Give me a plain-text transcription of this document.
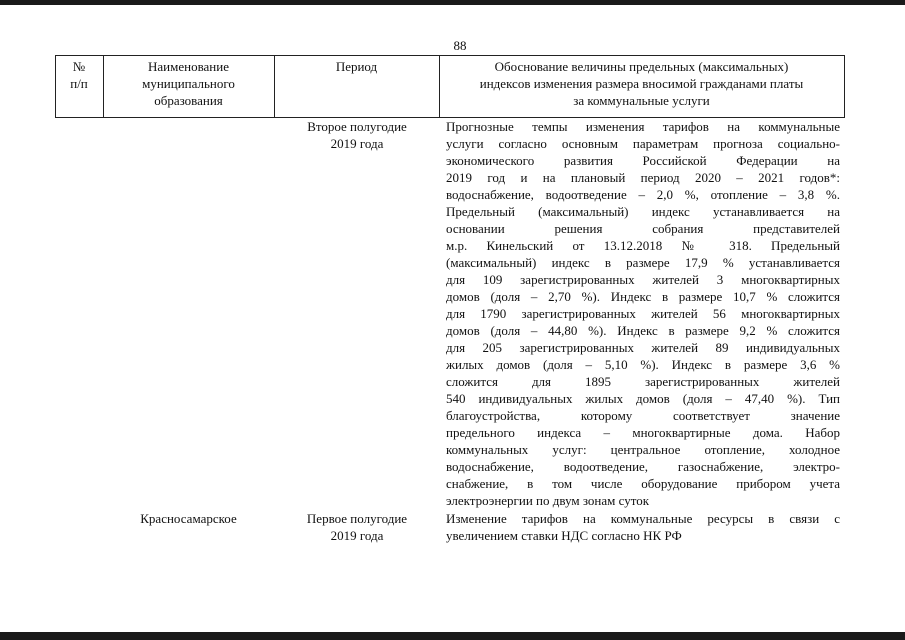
88
№
п/п
Наименование
муниципального
образования
Период	Обоснование величины предельных (максимальных)
индексов изменения размера вносимой гражданами платы
за коммунальные услуги
Второе полугодие
2019 года
Прогнозные темпы изменения тарифов на коммунальные
услуги согласно основным параметрам прогноза социально-
экономического развития Российской Федерации на
2019 год и на плановый период 2020 – 2021 годов*:
водоснабжение, водоотведение – 2,0 %, отопление – 3,8 %.
Предельный (максимальный) индекс устанавливается на
основании решения собрания представителей
м.р. Кинельский от 13.12.2018 № 318. Предельный
(максимальный) индекс в размере 17,9 % устанавливается
для 109 зарегистрированных жителей 3 многоквартирных
домов (доля – 2,70 %). Индекс в размере 10,7 % сложится
для 1790 зарегистрированных жителей 56 многоквартирных
домов (доля – 44,80 %). Индекс в размере 9,2 % сложится
для 205 зарегистрированных жителей 89 индивидуальных
жилых домов (доля – 5,10 %). Индекс в размере 3,6 %
сложится для 1895 зарегистрированных жителей
540 индивидуальных жилых домов (доля – 47,40 %). Тип
благоустройства, которому соответствует значение
предельного индекса – многоквартирные дома. Набор
коммунальных услуг: центральное отопление, холодное
водоснабжение, водоотведение, газоснабжение, электро-
снабжение, в том числе оборудование прибором учета
электроэнергии по двум зонам суток
Красносамарское	Первое полугодие
2019 года
Изменение тарифов на коммунальные ресурсы в связи с
увеличением ставки НДС согласно НК РФ
